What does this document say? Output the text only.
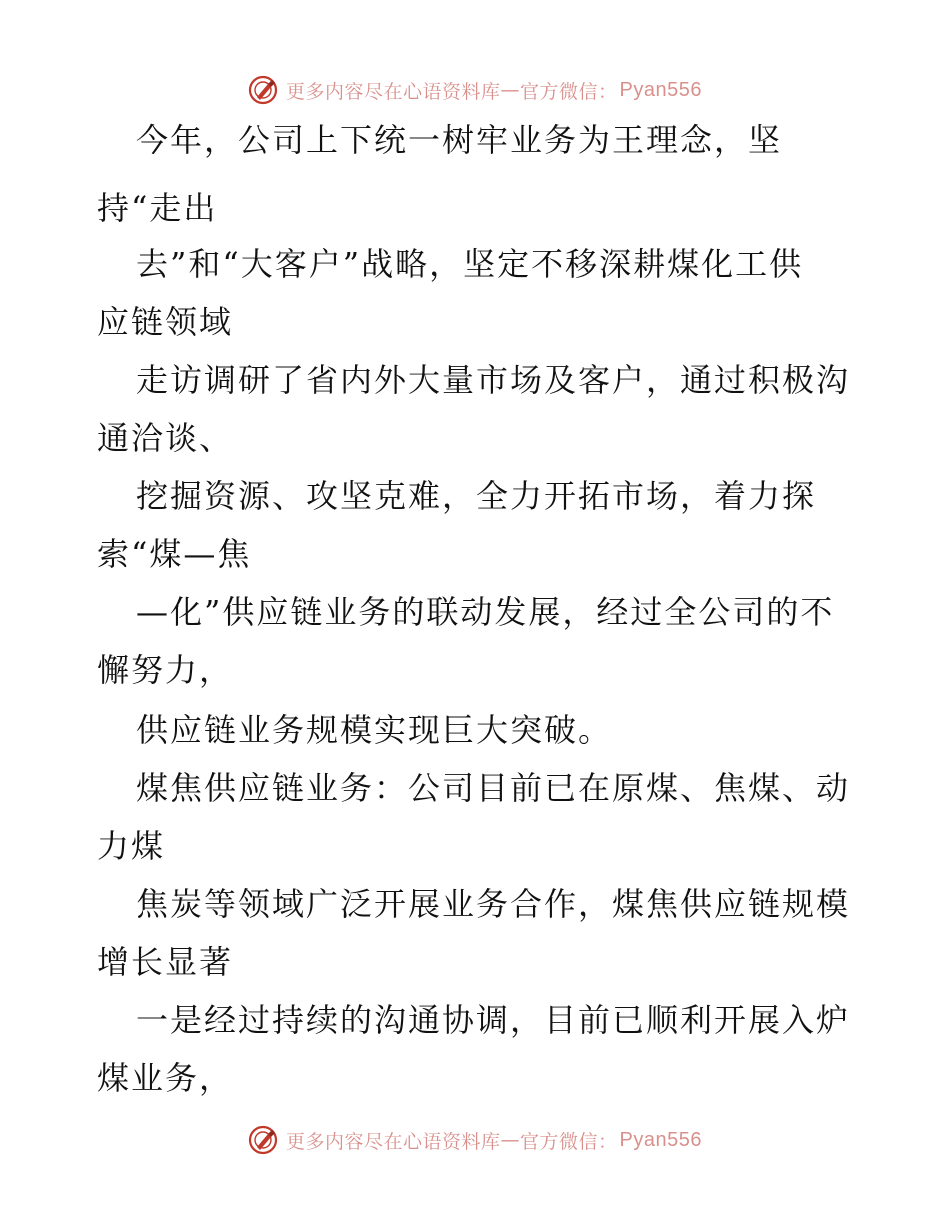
更多内容尽在心语资料库 — 官方微信： Pyan556
今年，公司上下统一树牢业务为王理念，坚
持“走出
去”和“大客户”战略，坚定不移深耕煤化工供
应链领域
走访调研了省内外大量市场及客户，通过积极沟
通洽谈、
挖掘资源、攻坚克难，全力开拓市场，着力探
索“煤—焦
—化”供应链业务的联动发展，经过全公司的不
懈努力，
供应链业务规模实现巨大突破。
煤焦供应链业务：公司目前已在原煤、焦煤、动
力煤
焦炭等领域广泛开展业务合作，煤焦供应链规模
增长显著
一是经过持续的沟通协调，目前已顺利开展入炉
煤业务，
更多内容尽在心语资料库 — 官方微信： Pyan556
